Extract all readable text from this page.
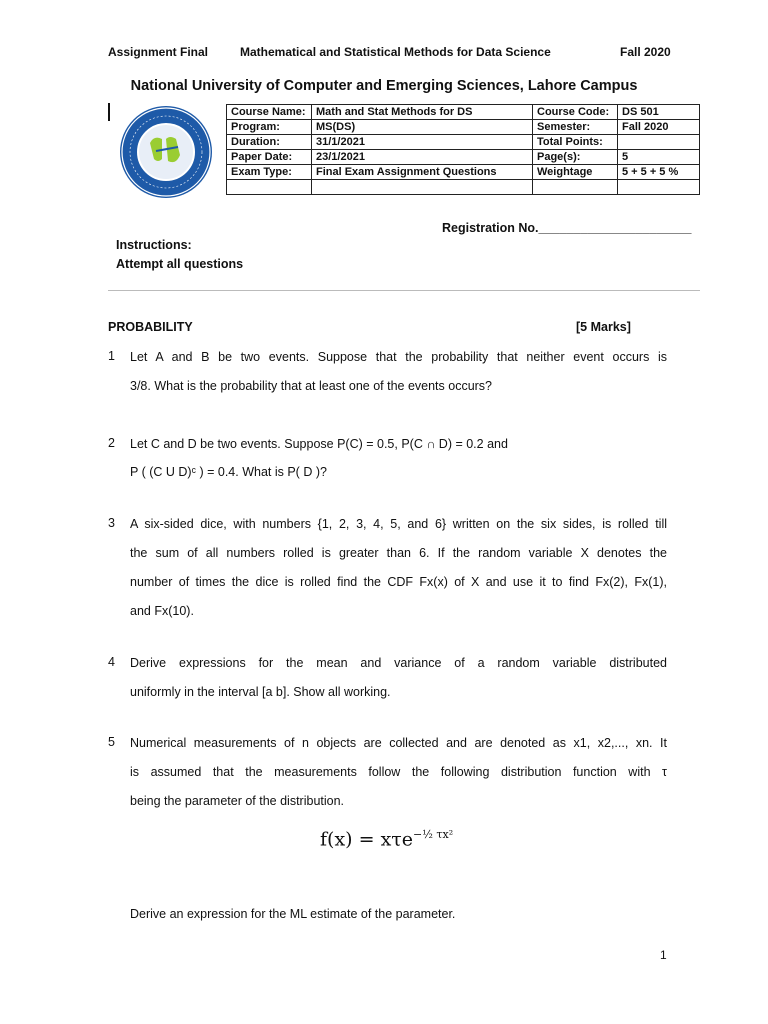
Assignment Final	Mathematical and Statistical Methods for Data Science	Fall 2020
National University of Computer and Emerging Sciences, Lahore Campus
Course Name:	Math and Stat Methods for DS	Course Code:	DS 501
Program:	MS(DS)	Semester:	Fall 2020
Duration:	31/1/2021	Total Points:	
Paper Date:	23/1/2021	Page(s):	5
Exam Type:	Final Exam Assignment Questions	Weightage	5 + 5 + 5 %

Registration No.______________________
Instructions:
Attempt all questions
PROBABILITY	[5 Marks]
1 Let A and B be two events. Suppose that the probability that neither event occurs is
3/8. What is the probability that at least one of the events occurs?
2 Let C and D be two events. Suppose P(C) = 0.5, P(C ∩ D) = 0.2 and
P ( (C U D)ᶜ ) = 0.4. What is P( D )?
3 A six-sided dice, with numbers {1, 2, 3, 4, 5, and 6} written on the six sides, is rolled till
the sum of all numbers rolled is greater than 6. If the random variable X denotes the
number of times the dice is rolled find the CDF Fx(x) of X and use it to find Fx(2), Fx(1),
and Fx(10).
4 Derive expressions for the mean and variance of a random variable distributed
uniformly in the interval [a b]. Show all working.
5 Numerical measurements of n objects are collected and are denoted as x1, x2,..., xn. It
is assumed that the measurements follow the following distribution function with τ
being the parameter of the distribution.
f(x) = xτe$^{-\frac{1}{2} \tau x^2}$
Derive an expression for the ML estimate of the parameter.
1
